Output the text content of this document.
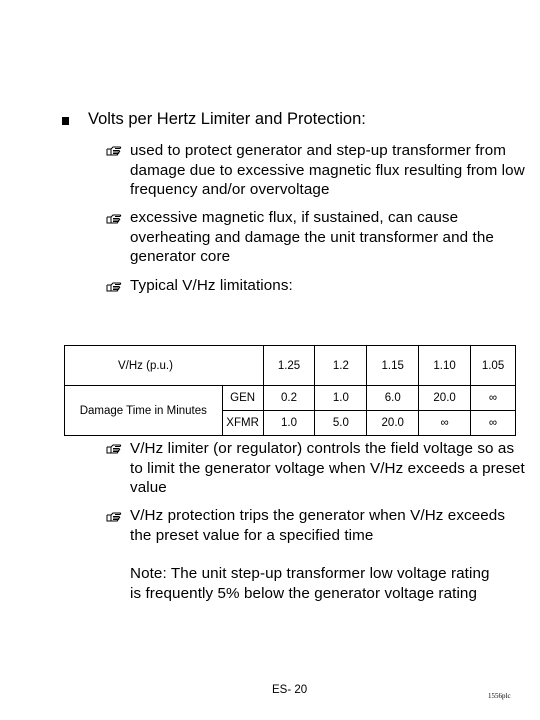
Volts per Hertz Limiter and Protection:
used to protect generator and step-up transformer from damage due to excessive magnetic flux resulting from low frequency and/or overvoltage
excessive magnetic flux, if sustained, can cause overheating and damage the unit transformer and the generator core
Typical V/Hz limitations:
V/Hz (p.u.)		1.25	1.2	1.15	1.10	1.05
Damage Time in Minutes	GEN	0.2	1.0	6.0	20.0	∞
	XFMR	1.0	5.0	20.0	∞	∞
V/Hz limiter (or regulator) controls the field voltage so as to limit the generator voltage when V/Hz exceeds a preset value
V/Hz protection trips the generator when V/Hz exceeds the preset value for a specified time
Note: The unit step-up transformer low voltage rating is frequently 5% below the generator voltage rating
ES- 20	1556plc
